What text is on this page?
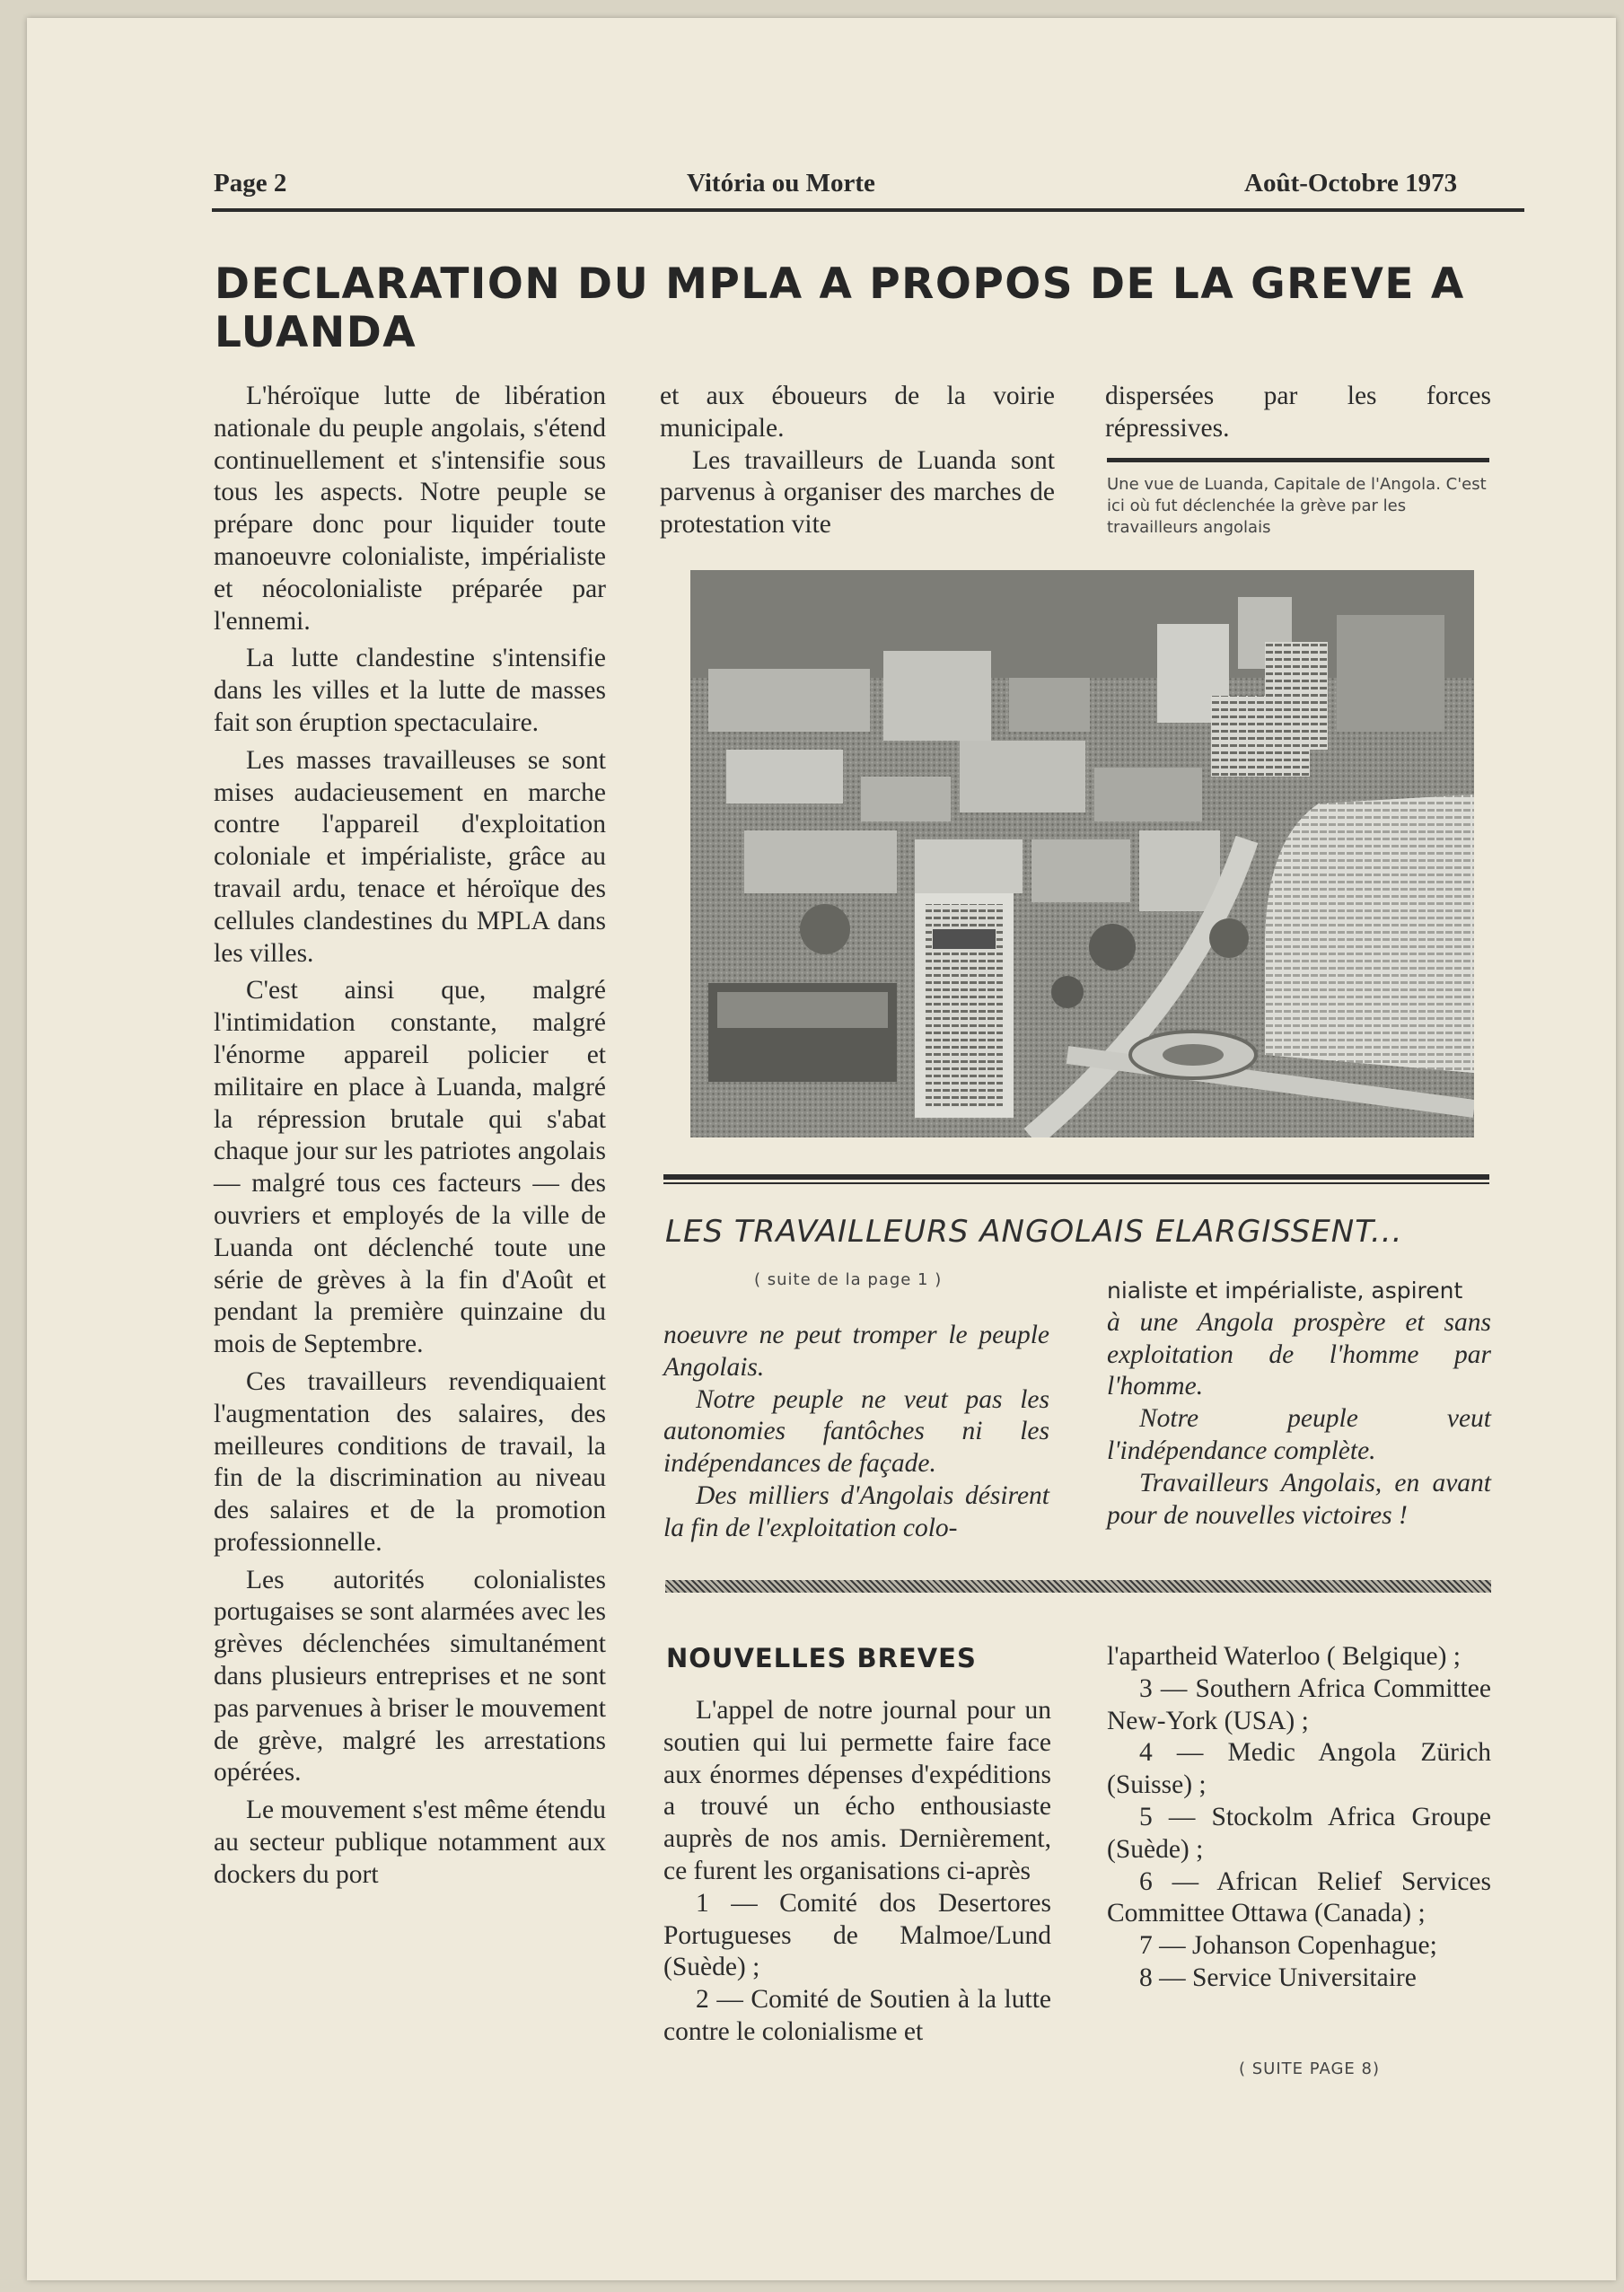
Page 2	Vitória ou Morte	Août-Octobre 1973
DECLARATION DU MPLA A PROPOS DE LA GREVE A LUANDA

L'héroïque lutte de libération nationale du peuple angolais, s'étend continuellement et s'intensifie sous tous les aspects. Notre peuple se prépare donc pour liquider toute manoeuvre colonialiste, impérialiste et néocolonialiste préparée par l'ennemi.

La lutte clandestine s'intensifie dans les villes et la lutte de masses fait son éruption spectaculaire.

Les masses travailleuses se sont mises audacieusement en marche contre l'appareil d'exploitation coloniale et impérialiste, grâce au travail ardu, tenace et héroïque des cellules clandestines du MPLA dans les villes.

C'est ainsi que, malgré l'intimidation constante, malgré l'énorme appareil policier et militaire en place à Luanda, malgré la répression brutale qui s'abat chaque jour sur les patriotes angolais — malgré tous ces facteurs — des ouvriers et employés de la ville de Luanda ont déclenché toute une série de grèves à la fin d'Août et pendant la première quinzaine du mois de Septembre.

Ces travailleurs revendiquaient l'augmentation des salaires, des meilleures conditions de travail, la fin de la discrimination au niveau des salaires et de la promotion professionnelle.

Les autorités colonialistes portugaises se sont alarmées avec les grèves déclenchées simultanément dans plusieurs entreprises et ne sont pas parvenues à briser le mouvement de grève, malgré les arrestations opérées.

Le mouvement s'est même étendu au secteur publique notamment aux dockers du port

et aux éboueurs de la voirie municipale.

Les travailleurs de Luanda sont parvenus à organiser des marches de protestation vite

dispersées par les forces répressives.

Une vue de Luanda, Capitale de l'Angola. C'est ici où fut déclenchée la grève par les travailleurs angolais
LES TRAVAILLEURS ANGOLAIS ELARGISSENT...
( suite de la page 1 )

noeuvre ne peut tromper le peuple Angolais.

Notre peuple ne veut pas les autonomies fantôches ni les indépendances de façade.

Des milliers d'Angolais désirent la fin de l'exploitation colo-

nialiste et impérialiste, aspirent

à une Angola prospère et sans exploitation de l'homme par l'homme.

Notre peuple veut l'indépendance complète.

Travailleurs Angolais, en avant pour de nouvelles victoires !

NOUVELLES BREVES

L'appel de notre journal pour un soutien qui lui permette faire face aux énormes dépenses d'expéditions a trouvé un écho enthousiaste auprès de nos amis. Dernièrement, ce furent les organisations ci-après

1 — Comité dos Desertores Portugueses de Malmoe/Lund (Suède) ;

2 — Comité de Soutien à la lutte contre le colonialisme et

l'apartheid Waterloo ( Belgique) ;

3 — Southern Africa Committee New-York (USA) ;

4 — Medic Angola Zürich (Suisse) ;

5 — Stockolm Africa Groupe (Suède) ;

6 — African Relief Services Committee Ottawa (Canada) ;

7 — Johanson Copenhague;

8 — Service Universitaire

( SUITE PAGE 8)
